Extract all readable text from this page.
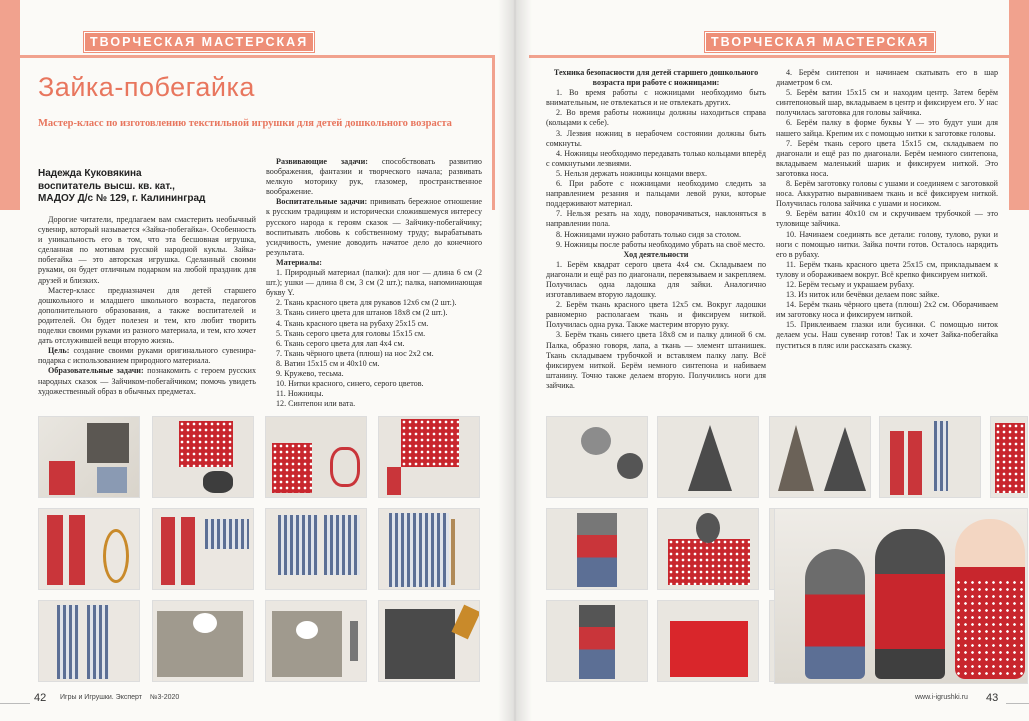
ТВОРЧЕСКАЯ МАСТЕРСКАЯ
Зайка-побегайка
Мастер-класс по изготовлению текстильной игрушки для детей дошкольного возраста
Надежда Куковякина
воспитатель высш. кв. кат.,
МАДОУ Д/с № 129, г. Калининград

Дорогие читатели, предлагаем вам смастерить необычный сувенир, который называется «Зайка-побегайка». Особенность и уникальность его в том, что эта бесшовная игрушка, сделанная по мотивам русской народной куклы. Зайка-побегайка — это авторская игрушка. Сделанный своими руками, он будет отличным подарком на любой праздник для друзей и близких.

Мастер-класс предназначен для детей старшего дошкольного и младшего школьного возраста, педагогов дополнительного образования, а также воспитателей и родителей. Он будет полезен и тем, кто любит творить поделки своими руками из разного материала, и тем, кто хочет дать отслужившей вещи вторую жизнь.

Цель: создание своими руками оригинального сувенира-подарка с использованием природного материала.

Образовательные задачи: познакомить с героем русских народных сказок — Зайчиком-побегайчиком; помочь увидеть художественный образ в обычных предметах.

Развивающие задачи: способствовать развитию воображения, фантазии и творческого начала; развивать мелкую моторику рук, глазомер, пространственное воображение.

Воспитательные задачи: прививать бережное отношение к русским традициям и исторически сложившемуся интересу русского народа к героям сказок — Зайчику-побегайчику; воспитывать любовь к собственному труду; вырабатывать усидчивость, умение доводить начатое дело до конечного результата.

Материалы:

1. Природный материал (палки): для ног — длина 6 см (2 шт.); ушки — длина 8 см, 3 см (2 шт.); палка, напоминающая букву Y.

2. Ткань красного цвета для рукавов 12х6 см (2 шт.).

3. Ткань синего цвета для штанов 18х8 см (2 шт.).

4. Ткань красного цвета на рубаху 25х15 см.

5. Ткань серого цвета для головы 15х15 см.

6. Ткань серого цвета для лап 4х4 см.

7. Ткань чёрного цвета (плюш) на нос 2х2 см.

8. Ватин 15х15 см и 40х10 см.

9. Кружево, тесьма.

10. Нитки красного, синего, серого цветов.

11. Ножницы.

12. Синтепон или вата.

42 Игры и Игрушки. Эксперт №3-2020
ТВОРЧЕСКАЯ МАСТЕРСКАЯ

Техника безопасности для детей старшего дошкольного возраста при работе с ножницами:

1. Во время работы с ножницами необходимо быть внимательным, не отвлекаться и не отвлекать других.

2. Во время работы ножницы должны находиться справа (кольцами к себе).

3. Лезвия ножниц в нерабочем состоянии должны быть сомкнуты.

4. Ножницы необходимо передавать только кольцами вперёд с сомкнутыми лезвиями.

5. Нельзя держать ножницы концами вверх.

6. При работе с ножницами необходимо следить за направлением резания и пальцами левой руки, которые поддерживают материал.

7. Нельзя резать на ходу, поворачиваться, наклоняться в направлении пола.

8. Ножницами нужно работать только сидя за столом.

9. Ножницы после работы необходимо убрать на своё место.

Ход деятельности

1. Берём квадрат серого цвета 4х4 см. Складываем по диагонали и ещё раз по диагонали, перевязываем и закрепляем. Получилась одна ладошка для зайки. Аналогично изготавливаем вторую ладошку.

2. Берём ткань красного цвета 12х5 см. Вокруг ладошки равномерно располагаем ткань и фиксируем ниткой. Получилась одна рука. Также мастерим вторую руку.

3. Берём ткань синего цвета 18х8 см и палку длиной 6 см. Палка, образно говоря, лапа, а ткань — элемент штанишек. Ткань складываем трубочкой и вставляем палку лапу. Всё фиксируем ниткой. Берём немного синтепона и набиваем штанину. Точно также делаем вторую. Получились ноги для зайчика.

4. Берём синтепон и начинаем скатывать его в шар диаметром 6 см.

5. Берём ватин 15х15 см и находим центр. Затем берём синтепоновый шар, вкладываем в центр и фиксируем его. У нас получилась заготовка для головы зайчика.

6. Берём палку в форме буквы Y — это будут уши для нашего зайца. Крепим их с помощью нитки к заготовке головы.

7. Берём ткань серого цвета 15х15 см, складываем по диагонали и ещё раз по диагонали. Берём немного синтепона, вкладываем маленький шарик и фиксируем ниткой. Это заготовка носа.

8. Берём заготовку головы с ушами и соединяем с заготовкой носа. Аккуратно выравниваем ткань и всё фиксируем ниткой. Получилась голова зайчика с ушами и носиком.

9. Берём ватин 40х10 см и скручиваем трубочкой — это туловище зайчика.

10. Начинаем соединять все детали: голову, тулово, руки и ноги с помощью нитки. Зайка почти готов. Осталось нарядить его в рубаху.

11. Берём ткань красного цвета 25х15 см, прикладываем к тулову и обораживаем вокруг. Всё крепко фиксируем ниткой.

12. Берём тесьму и украшаем рубаху.

13. Из ниток или бечёвки делаем пояс зайке.

14. Берём ткань чёрного цвета (плюш) 2х2 см. Оборачиваем им заготовку носа и фиксируем ниткой.

15. Приклеиваем глазки или бусинки. С помощью ниток делаем усы. Наш сувенир готов! Так и хочет Зайка-побегайка пуститься в пляс или рассказать сказку.

www.i-igrushki.ru 43
